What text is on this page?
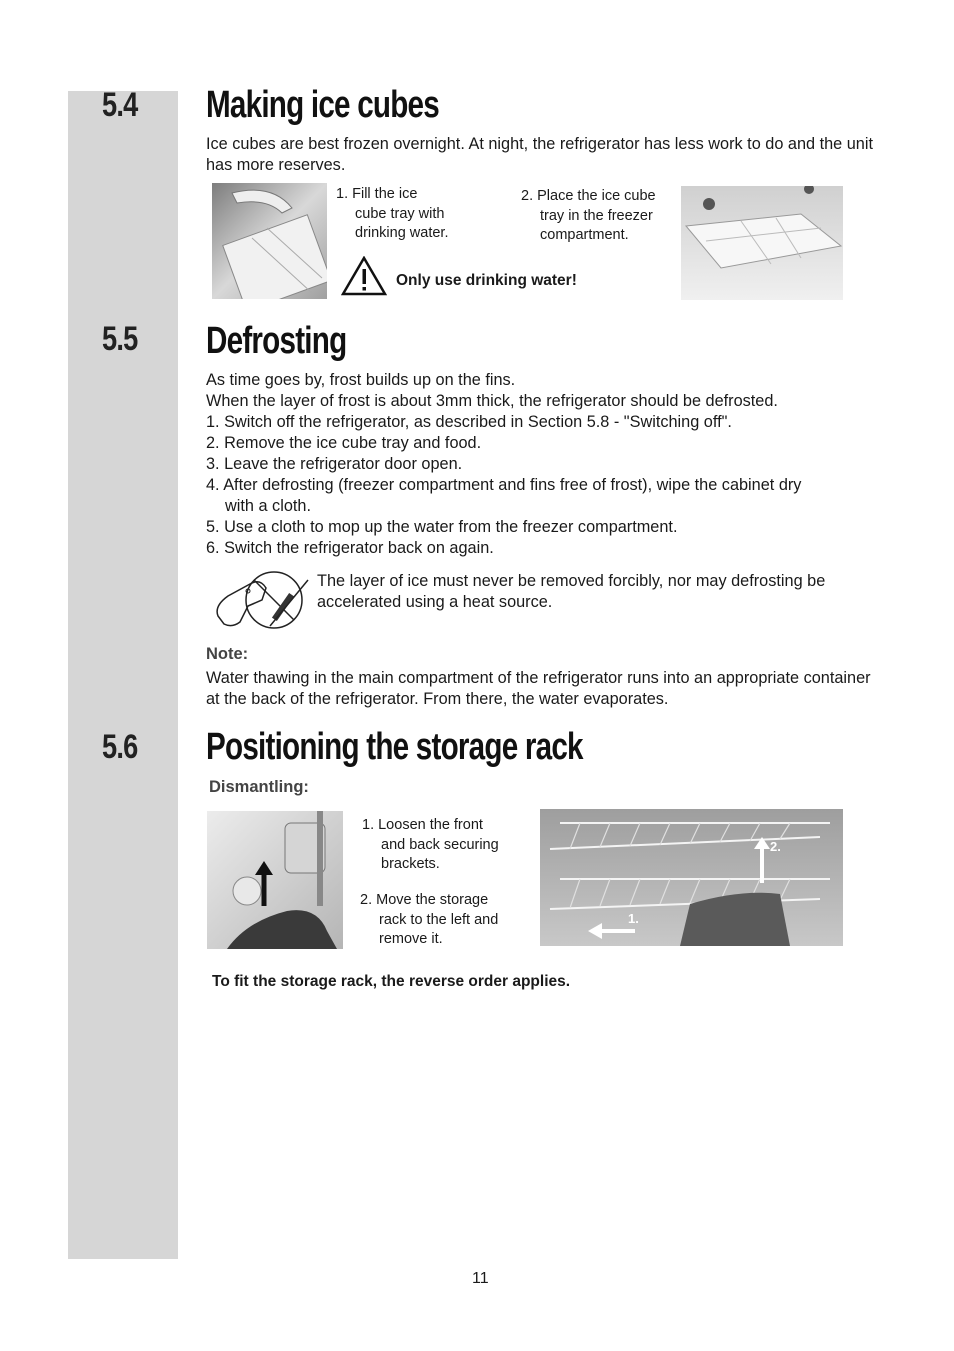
5.4 Making ice cubes
Ice cubes are best frozen overnight. At night, the refrigerator has less work to do and the unit has more reserves.
1. Fill the ice
cube tray with
drinking water.
2. Place the ice cube
tray in the freezer
compartment.
Only use drinking water!
5.5 Defrosting
As time goes by, frost builds up on the fins.
When the layer of frost is about 3mm thick, the refrigerator should be defrosted.
1. Switch off the refrigerator, as described in Section 5.8 - "Switching off".
2. Remove the ice cube tray and food.
3. Leave the refrigerator door open.
4. After defrosting (freezer compartment and fins free of frost), wipe the cabinet dry
with a cloth.
5. Use a cloth to mop up the water from the freezer compartment.
6. Switch the refrigerator back on again.
The layer of ice must never be removed forcibly, nor may defrosting be accelerated using a heat source.
Note:
Water thawing in the main compartment of the refrigerator runs into an appropriate container at the back of the refrigerator. From there, the water evaporates.
5.6 Positioning the storage rack
Dismantling:
1. Loosen the front
and back securing
brackets.
2. Move the storage
rack to the left and
remove it.
2.
1.
To fit the storage rack, the reverse order applies.
11
